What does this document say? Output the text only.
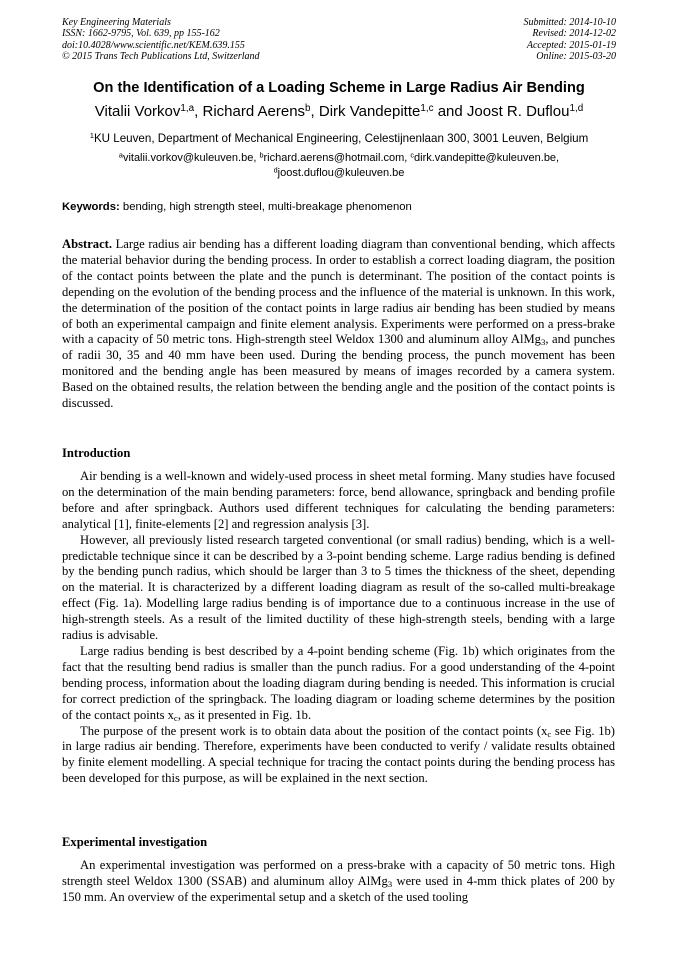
Key Engineering Materials
ISSN: 1662-9795, Vol. 639, pp 155-162
doi:10.4028/www.scientific.net/KEM.639.155
© 2015 Trans Tech Publications Ltd, Switzerland
Submitted: 2014-10-10
Revised: 2014-12-02
Accepted: 2015-01-19
Online: 2015-03-20
On the Identification of a Loading Scheme in Large Radius Air Bending
Vitalii Vorkov$^{1,a}$, Richard Aerens$^b$, Dirk Vandepitte$^{1,c}$ and Joost R. Duflou$^{1,d}$
$^1$KU Leuven, Department of Mechanical Engineering, Celestijnenlaan 300, 3001 Leuven, Belgium
$^a$vitalii.vorkov@kuleuven.be, $^b$richard.aerens@hotmail.com, $^c$dirk.vandepitte@kuleuven.be,
$^d$joost.duflou@kuleuven.be
Keywords: bending, high strength steel, multi-breakage phenomenon

Abstract. Large radius air bending has a different loading diagram than conventional bending, which affects the material behavior during the bending process. In order to establish a correct loading diagram, the position of the contact points between the plate and the punch is determinant. The position of the contact points is depending on the evolution of the bending process and the influence of the material is unknown. In this work, the determination of the position of the contact points in large radius air bending has been studied by means of both an experimental campaign and finite element analysis. Experiments were performed on a press-brake with a capacity of 50 metric tons. High-strength steel Weldox 1300 and aluminum alloy AlMg$_3$, and punches of radii 30, 35 and 40 mm have been used. During the bending process, the punch movement has been monitored and the bending angle has been measured by means of images recorded by a camera system. Based on the obtained results, the relation between the bending angle and the position of the contact points is discussed.

Introduction

Air bending is a well-known and widely-used process in sheet metal forming. Many studies have focused on the determination of the main bending parameters: force, bend allowance, springback and bending profile before and after springback. Authors used different techniques for calculating the bending parameters: analytical [1], finite-elements [2] and regression analysis [3].

However, all previously listed research targeted conventional (or small radius) bending, which is a well-predictable technique since it can be described by a 3-point bending scheme. Large radius bending is defined by the bending punch radius, which should be larger than 3 to 5 times the thickness of the sheet, depending on the material. It is characterized by a different loading diagram as result of the so-called multi-breakage effect (Fig. 1a). Modelling large radius bending is of importance due to a continuous increase in the use of high-strength steels. As a result of the limited ductility of these high-strength steels, bending with a large radius is advisable.

Large radius bending is best described by a 4-point bending scheme (Fig. 1b) which originates from the fact that the resulting bend radius is smaller than the punch radius. For a good understanding of the 4-point bending process, information about the loading diagram during bending is needed. This information is crucial for correct prediction of the springback. The loading diagram or loading scheme determines by the position of the contact points $x_c$, as it presented in Fig. 1b.

The purpose of the present work is to obtain data about the position of the contact points ($x_c$ see Fig. 1b) in large radius air bending. Therefore, experiments have been conducted to verify / validate results obtained by finite element modelling. A special technique for tracing the contact points during the bending process has been developed for this purpose, as will be explained in the next section.

Experimental investigation

An experimental investigation was performed on a press-brake with a capacity of 50 metric tons. High strength steel Weldox 1300 (SSAB) and aluminum alloy AlMg$_3$ were used in 4-mm thick plates of 200 by 150 mm. An overview of the experimental setup and a sketch of the used tooling
